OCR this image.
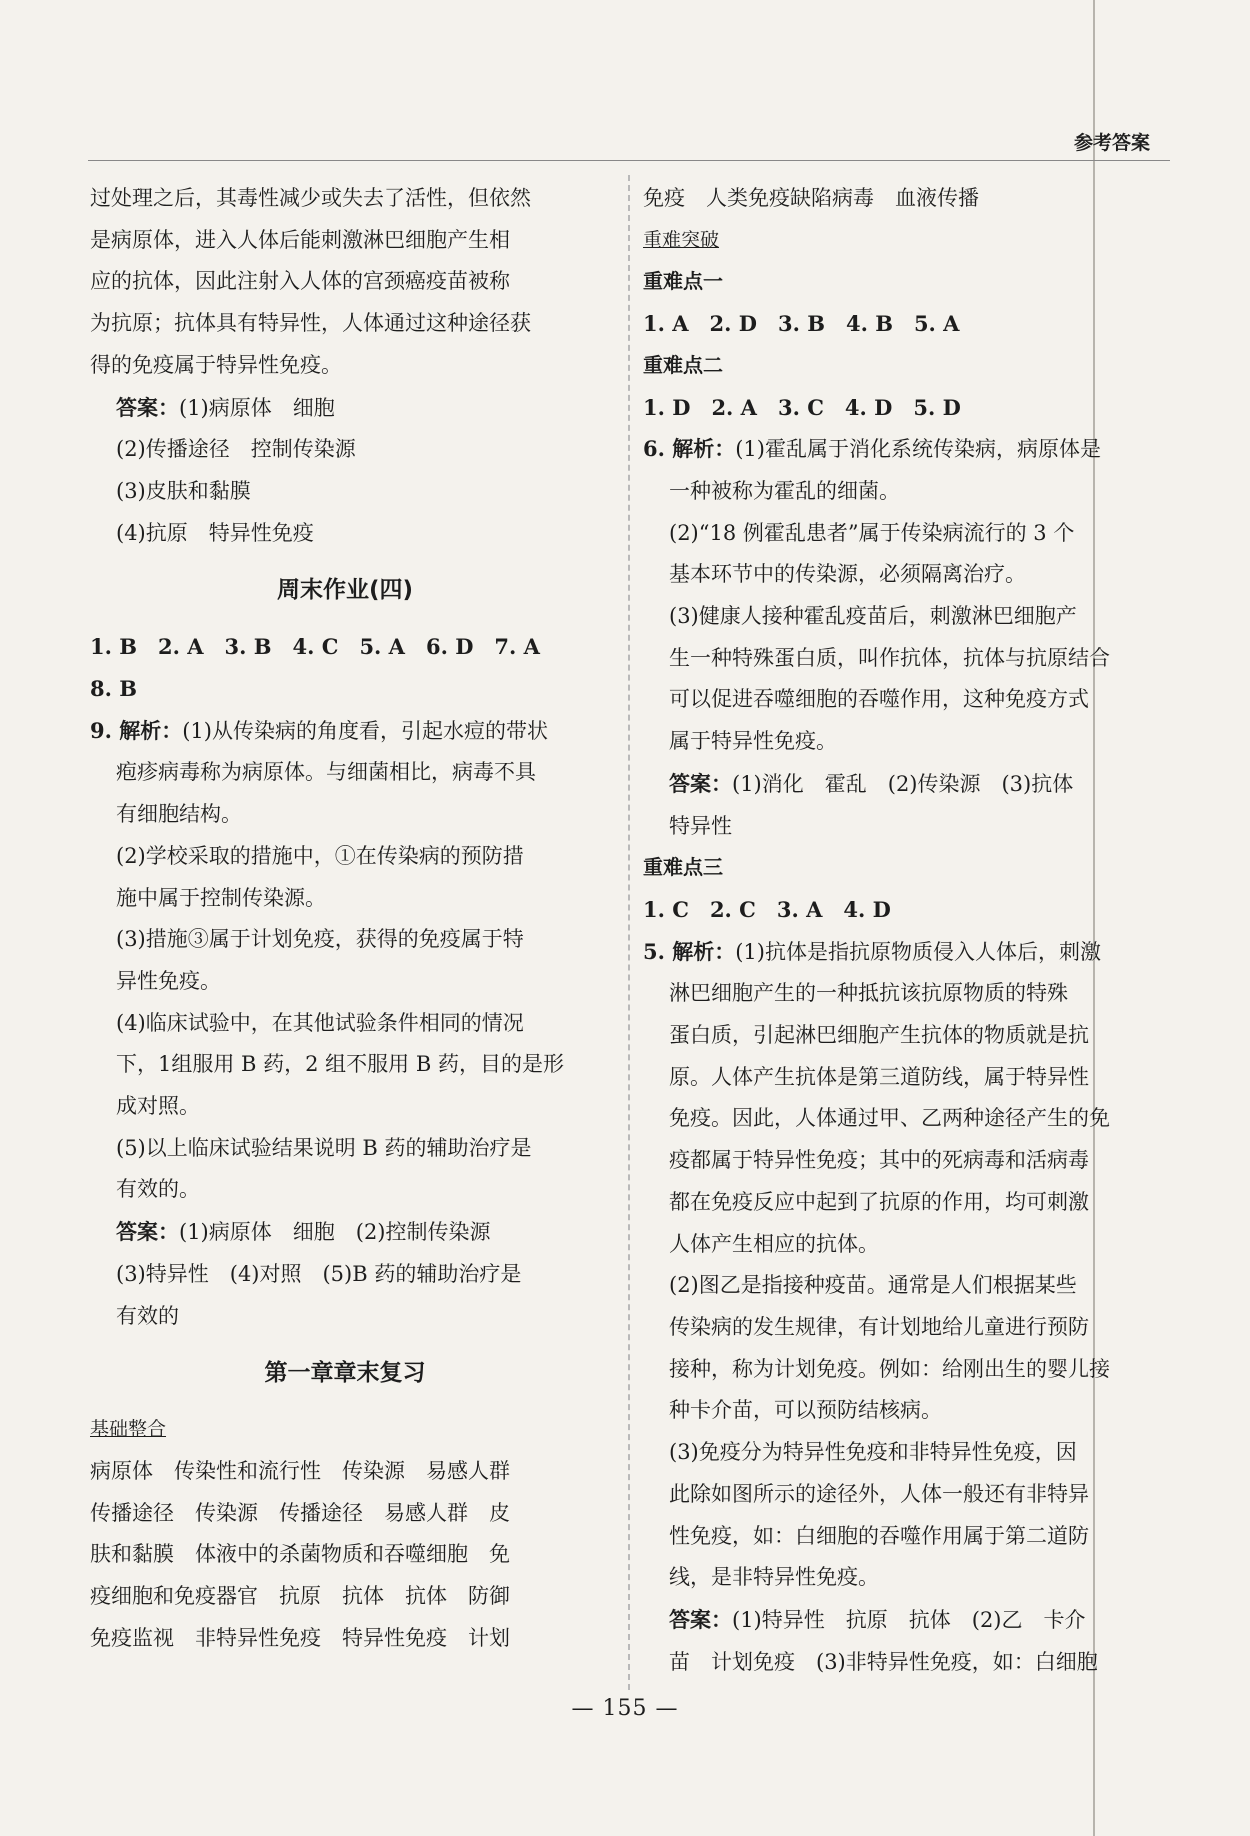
参考答案

过处理之后，其毒性减少或失去了活性，但依然

是病原体，进入人体后能刺激淋巴细胞产生相

应的抗体，因此注射入人体的宫颈癌疫苗被称

为抗原；抗体具有特异性，人体通过这种途径获

得的免疫属于特异性免疫。

答案：(1)病原体　细胞

(2)传播途径　控制传染源

(3)皮肤和黏膜

(4)抗原　特异性免疫

周末作业(四)

1. B　2. A　3. B　4. C　5. A　6. D　7. A

8. B

9. 解析：(1)从传染病的角度看，引起水痘的带状

疱疹病毒称为病原体。与细菌相比，病毒不具

有细胞结构。

(2)学校采取的措施中，①在传染病的预防措

施中属于控制传染源。

(3)措施③属于计划免疫，获得的免疫属于特

异性免疫。

(4)临床试验中，在其他试验条件相同的情况

下，1组服用 B 药，2 组不服用 B 药，目的是形

成对照。

(5)以上临床试验结果说明 B 药的辅助治疗是

有效的。

答案：(1)病原体　细胞　(2)控制传染源

(3)特异性　(4)对照　(5)B 药的辅助治疗是

有效的

第一章章末复习

基础整合

病原体　传染性和流行性　传染源　易感人群

传播途径　传染源　传播途径　易感人群　皮

肤和黏膜　体液中的杀菌物质和吞噬细胞　免

疫细胞和免疫器官　抗原　抗体　抗体　防御

免疫监视　非特异性免疫　特异性免疫　计划

免疫　人类免疫缺陷病毒　血液传播

重难突破

重难点一

1. A　2. D　3. B　4. B　5. A

重难点二

1. D　2. A　3. C　4. D　5. D

6. 解析：(1)霍乱属于消化系统传染病，病原体是

一种被称为霍乱的细菌。

(2)“18 例霍乱患者”属于传染病流行的 3 个

基本环节中的传染源，必须隔离治疗。

(3)健康人接种霍乱疫苗后，刺激淋巴细胞产

生一种特殊蛋白质，叫作抗体，抗体与抗原结合

可以促进吞噬细胞的吞噬作用，这种免疫方式

属于特异性免疫。

答案：(1)消化　霍乱　(2)传染源　(3)抗体

特异性

重难点三

1. C　2. C　3. A　4. D

5. 解析：(1)抗体是指抗原物质侵入人体后，刺激

淋巴细胞产生的一种抵抗该抗原物质的特殊

蛋白质，引起淋巴细胞产生抗体的物质就是抗

原。人体产生抗体是第三道防线，属于特异性

免疫。因此，人体通过甲、乙两种途径产生的免

疫都属于特异性免疫；其中的死病毒和活病毒

都在免疫反应中起到了抗原的作用，均可刺激

人体产生相应的抗体。

(2)图乙是指接种疫苗。通常是人们根据某些

传染病的发生规律，有计划地给儿童进行预防

接种，称为计划免疫。例如：给刚出生的婴儿接

种卡介苗，可以预防结核病。

(3)免疫分为特异性免疫和非特异性免疫，因

此除如图所示的途径外，人体一般还有非特异

性免疫，如：白细胞的吞噬作用属于第二道防

线，是非特异性免疫。

答案：(1)特异性　抗原　抗体　(2)乙　卡介

苗　计划免疫　(3)非特异性免疫，如：白细胞

— 155 —
